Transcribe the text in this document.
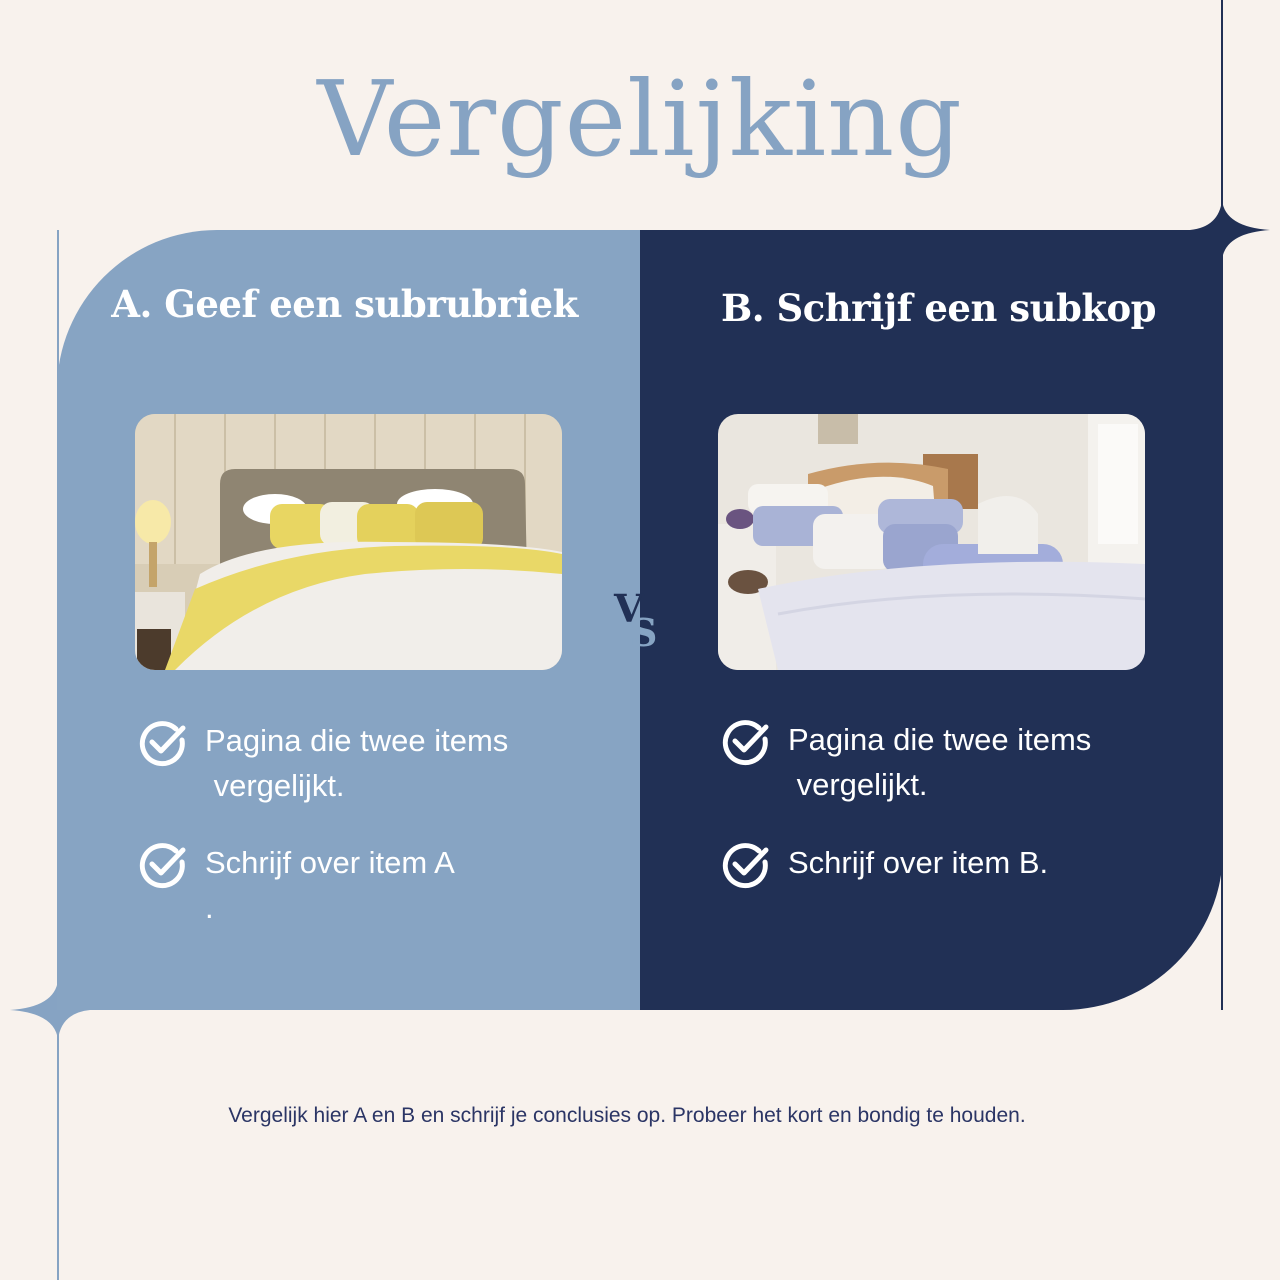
Vergelijking
A. Geef een subrubriek
Pagina die twee items
vergelijkt.
Schrijf over item A
.
B. Schrijf een subkop
Pagina die twee items
vergelijkt.
Schrijf over item B.
V
S
Vergelijk hier A en B en schrijf je conclusies op. Probeer het kort en bondig te houden.
